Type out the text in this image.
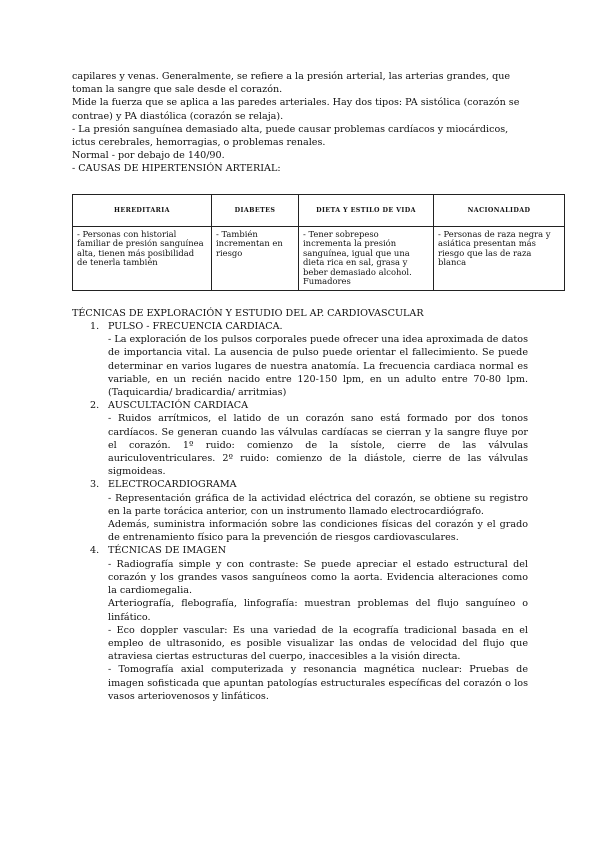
capilares y venas. Generalmente, se refiere a la presión arterial, las arterias grandes, que toman la sangre que sale desde el corazón.

Mide la fuerza que se aplica a las paredes arteriales. Hay dos tipos: PA sistólica (corazón se contrae) y PA diastólica (corazón se relaja).

- La presión sanguínea demasiado alta, puede causar problemas cardíacos y miocárdicos, ictus cerebrales, hemorragias, o problemas renales.

Normal - por debajo de 140/90.

- CAUSAS DE HIPERTENSIÓN ARTERIAL:

HEREDITARIA	DIABETES	DIETA Y ESTILO DE VIDA	NACIONALIDAD
- Personas con historial familiar de presión sanguínea alta, tienen más posibilidad de tenerla también	- También incrementan en riesgo	- Tener sobrepeso incrementa la presión sanguínea, igual que una dieta rica en sal, grasa y beber demasiado alcohol. Fumadores	- Personas de raza negra y asiática presentan más riesgo que las de raza blanca

TÉCNICAS DE EXPLORACIÓN Y ESTUDIO DEL AP. CARDIOVASCULAR

1. PULSO - FRECUENCIA CARDIACA.

- La exploración de los pulsos corporales puede ofrecer una idea aproximada de datos de importancia vital. La ausencia de pulso puede orientar el fallecimiento. Se puede determinar en varios lugares de nuestra anatomía. La frecuencia cardiaca normal es variable, en un recién nacido entre 120-150 lpm, en un adulto entre 70-80 lpm. (Taquicardia/ bradicardia/ arritmias)

2. AUSCULTACIÓN CARDIACA

- Ruidos arrítmicos, el latido de un corazón sano está formado por dos tonos cardíacos. Se generan cuando las válvulas cardíacas se cierran y la sangre fluye por el corazón. 1º ruido: comienzo de la sístole, cierre de las válvulas auriculoventriculares. 2º ruido: comienzo de la diástole, cierre de las válvulas sigmoideas.

3. ELECTROCARDIOGRAMA

- Representación gráfica de la actividad eléctrica del corazón, se obtiene su registro en la parte torácica anterior, con un instrumento llamado electrocardiógrafo.

Además, suministra información sobre las condiciones físicas del corazón y el grado de entrenamiento físico para la prevención de riesgos cardiovasculares.

4. TÉCNICAS DE IMAGEN

- Radiografía simple y con contraste: Se puede apreciar el estado estructural del corazón y los grandes vasos sanguíneos como la aorta. Evidencia alteraciones como la cardiomegalia.

Arteriografía, flebografía, linfografía: muestran problemas del flujo sanguíneo o linfático.

- Eco doppler vascular: Es una variedad de la ecografía tradicional basada en el empleo de ultrasonido, es posible visualizar las ondas de velocidad del flujo que atraviesa ciertas estructuras del cuerpo, inaccesibles a la visión directa.

- Tomografía axial computerizada y resonancia magnética nuclear: Pruebas de imagen sofisticada que apuntan patologías estructurales específicas del corazón o los vasos arteriovenosos y linfáticos.
